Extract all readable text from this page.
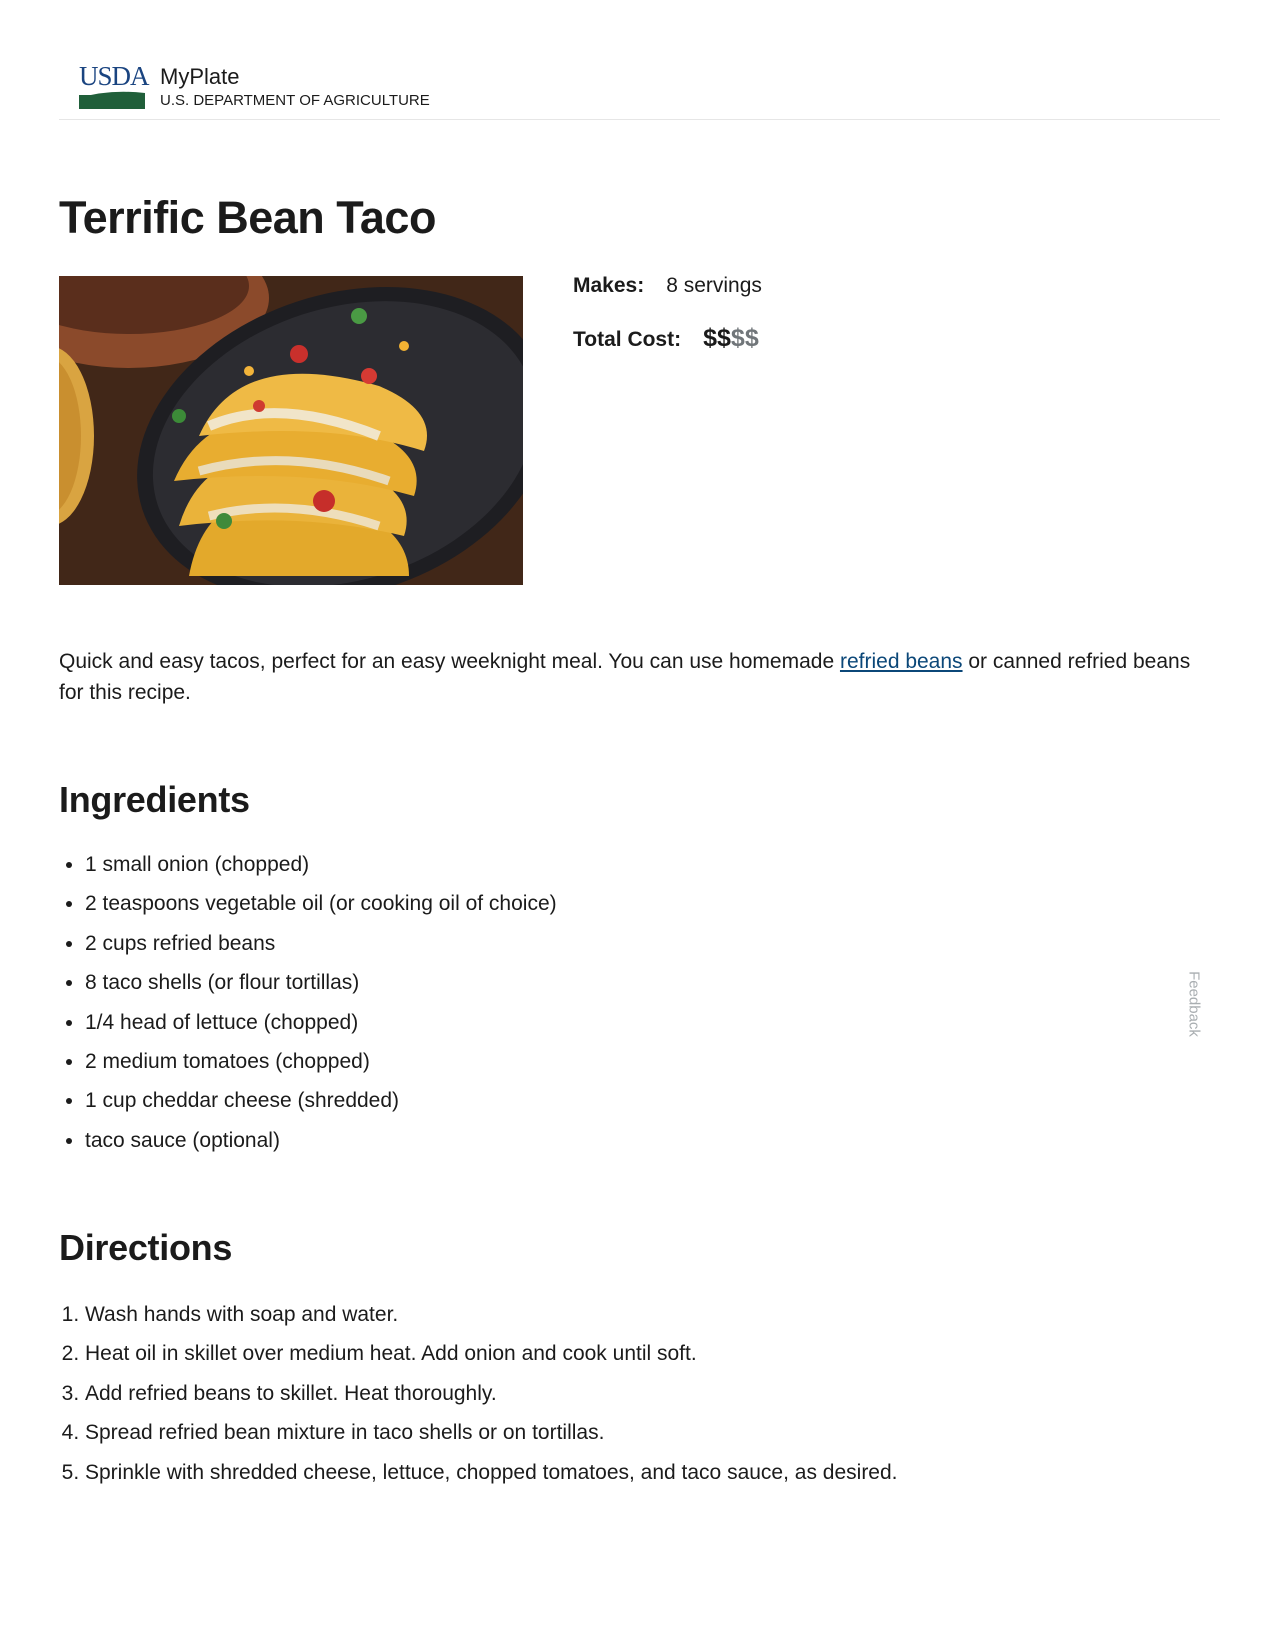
USDA MyPlate
U.S. DEPARTMENT OF AGRICULTURE
Terrific Bean Taco
Makes: 8 servings
Total Cost: $$$$

Quick and easy tacos, perfect for an easy weeknight meal. You can use homemade refried beans or canned refried beans for this recipe.

Ingredients
• 1 small onion (chopped)
• 2 teaspoons vegetable oil (or cooking oil of choice)
• 2 cups refried beans
• 8 taco shells (or flour tortillas)
• 1/4 head of lettuce (chopped)
• 2 medium tomatoes (chopped)
• 1 cup cheddar cheese (shredded)
• taco sauce (optional)
Directions
1. Wash hands with soap and water.
2. Heat oil in skillet over medium heat. Add onion and cook until soft.
3. Add refried beans to skillet. Heat thoroughly.
4. Spread refried bean mixture in taco shells or on tortillas.
5. Sprinkle with shredded cheese, lettuce, chopped tomatoes, and taco sauce, as desired.
Feedback
